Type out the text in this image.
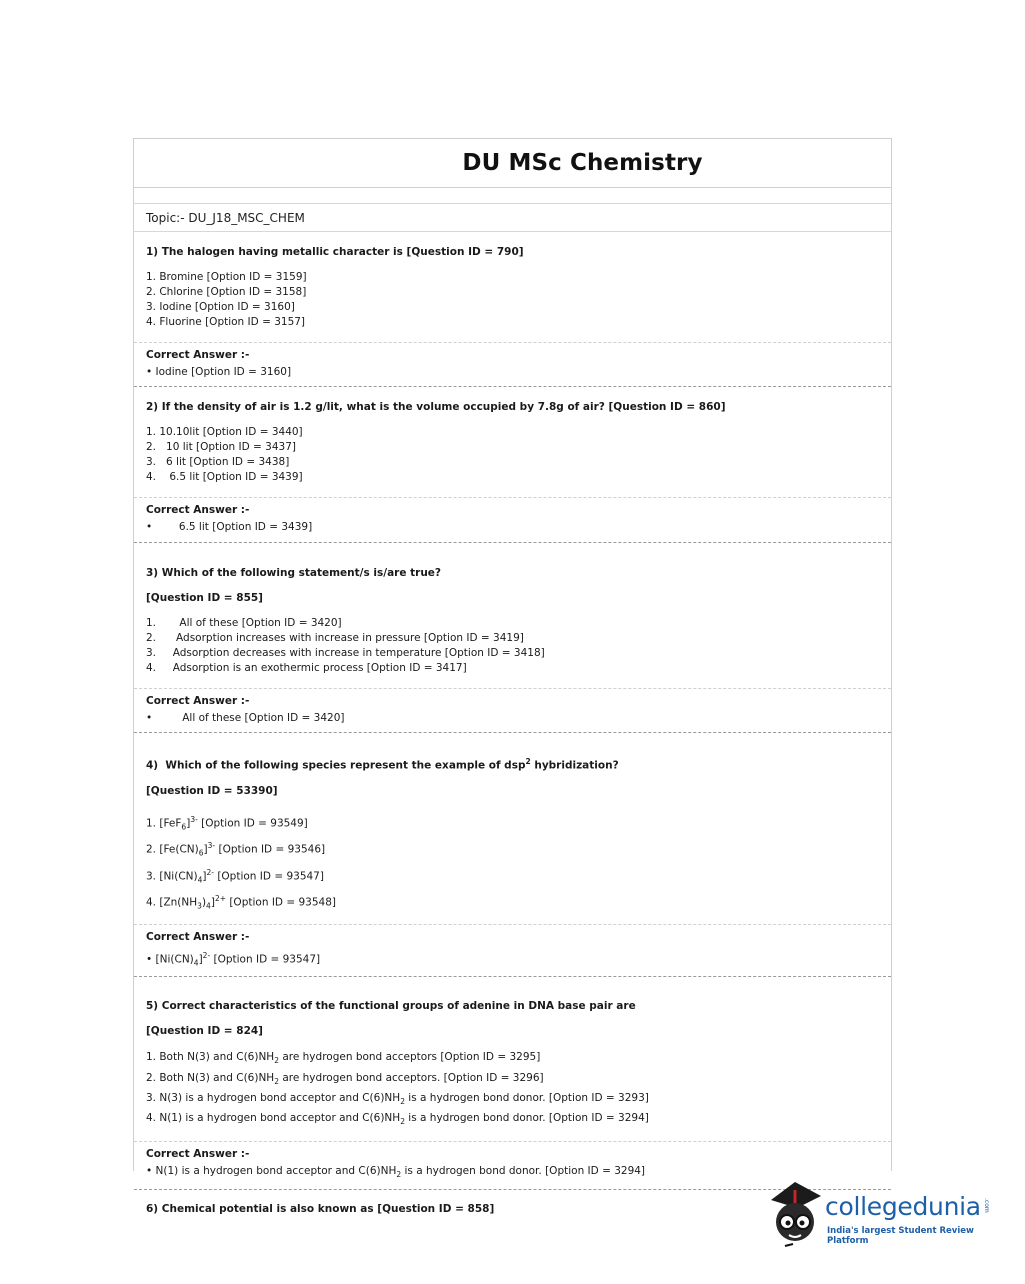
DU MSc Chemistry
Topic:- DU_J18_MSC_CHEM

1) The halogen having metallic character is [Question ID = 790]

1. Bromine [Option ID = 3159]
2. Chlorine [Option ID = 3158]
3. Iodine [Option ID = 3160]
4. Fluorine [Option ID = 3157]
Correct Answer :-
• Iodine [Option ID = 3160]

2) If the density of air is 1.2 g/lit, what is the volume occupied by 7.8g of air? [Question ID = 860]

1. 10.10lit [Option ID = 3440]
2.   10 lit [Option ID = 3437]
3.   6 lit [Option ID = 3438]
4.    6.5 lit [Option ID = 3439]
Correct Answer :-
•        6.5 lit [Option ID = 3439]

3) Which of the following statement/s is/are true?

[Question ID = 855]
1.       All of these [Option ID = 3420]
2.      Adsorption increases with increase in pressure [Option ID = 3419]
3.     Adsorption decreases with increase in temperature [Option ID = 3418]
4.     Adsorption is an exothermic process [Option ID = 3417]
Correct Answer :-
•         All of these [Option ID = 3420]

4) Which of the following species represent the example of dsp$^2$ hybridization?

[Question ID = 53390]
1. $[FeF_6]^{3-}$ [Option ID = 93549]
2. $[Fe(CN)_6]^{3-}$ [Option ID = 93546]
3. $[Ni(CN)_4]^{2-}$ [Option ID = 93547]
4. $[Zn(NH_3)_4]^{2+}$ [Option ID = 93548]
Correct Answer :-
• $[Ni(CN)_4]^{2-}$ [Option ID = 93547]

5) Correct characteristics of the functional groups of adenine in DNA base pair are

[Question ID = 824]
1. Both N(3) and $C(6)NH_2$ are hydrogen bond acceptors [Option ID = 3295]
2. Both N(3) and $C(6)NH_2$ are hydrogen bond acceptors. [Option ID = 3296]
3. N(3) is a hydrogen bond acceptor and $C(6)NH_2$ is a hydrogen bond donor. [Option ID = 3293]
4. N(1) is a hydrogen bond acceptor and $C(6)NH_2$ is a hydrogen bond donor. [Option ID = 3294]
Correct Answer :-
• N(1) is a hydrogen bond acceptor and $C(6)NH_2$ is a hydrogen bond donor. [Option ID = 3294]

6) Chemical potential is also known as [Question ID = 858]	collegedunia .com
India's largest Student Review Platform
